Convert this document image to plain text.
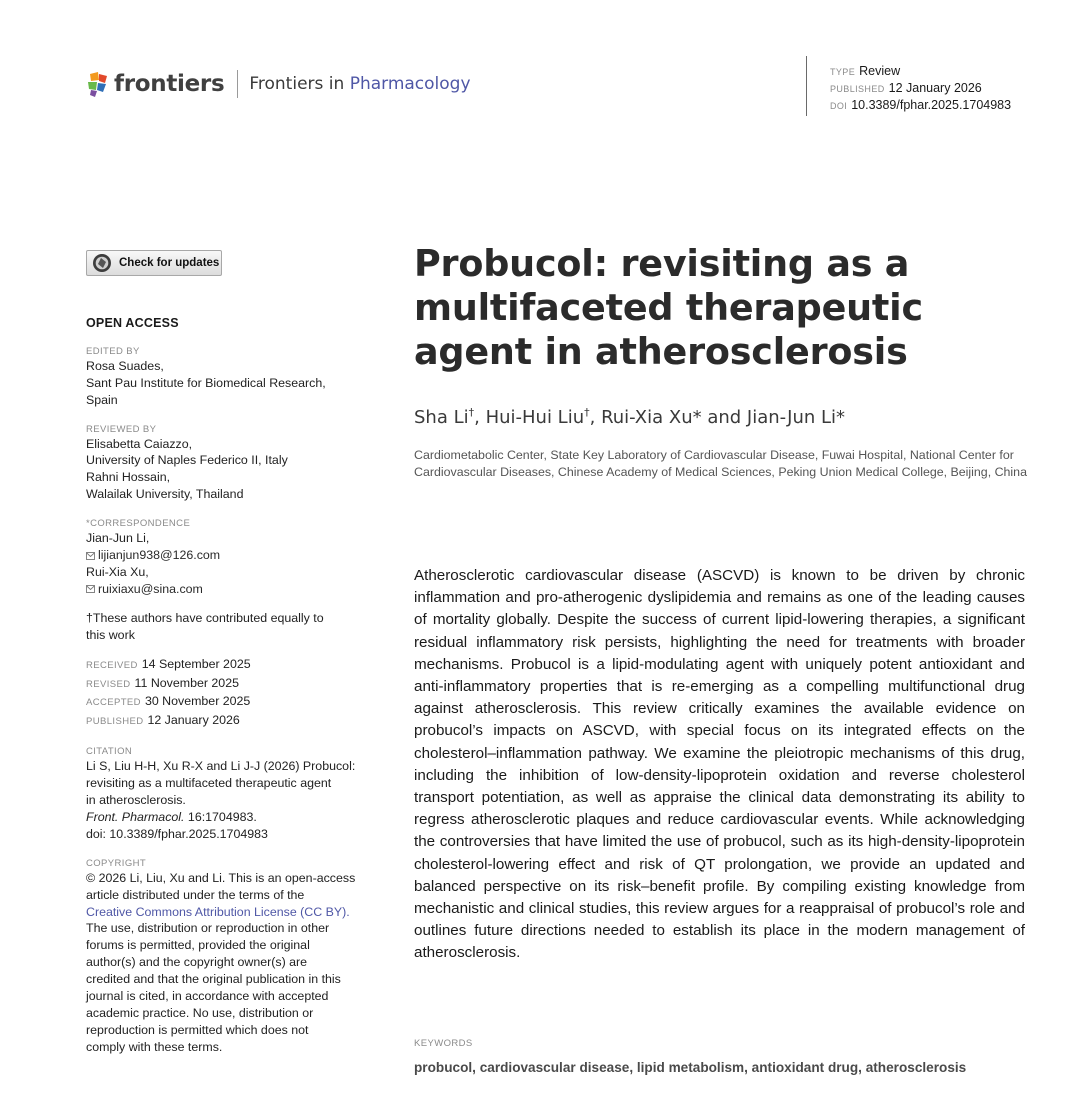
frontiers Frontiers in Pharmacology
TYPE Review
PUBLISHED 12 January 2026
DOI 10.3389/fphar.2025.1704983
Check for updates
OPEN ACCESS
EDITED BY
Rosa Suades,
Sant Pau Institute for Biomedical Research,
Spain
REVIEWED BY
Elisabetta Caiazzo,
University of Naples Federico II, Italy
Rahni Hossain,
Walailak University, Thailand
*CORRESPONDENCE
Jian-Jun Li,
lijianjun938@126.com
Rui-Xia Xu,
ruixiaxu@sina.com
†These authors have contributed equally to
this work
RECEIVED 14 September 2025
REVISED 11 November 2025
ACCEPTED 30 November 2025
PUBLISHED 12 January 2026
CITATION
Li S, Liu H-H, Xu R-X and Li J-J (2026) Probucol:
revisiting as a multifaceted therapeutic agent
in atherosclerosis.
Front. Pharmacol. 16:1704983.
doi: 10.3389/fphar.2025.1704983
COPYRIGHT
© 2026 Li, Liu, Xu and Li. This is an open-access
article distributed under the terms of the
Creative Commons Attribution License (CC BY).
The use, distribution or reproduction in other
forums is permitted, provided the original
author(s) and the copyright owner(s) are
credited and that the original publication in this
journal is cited, in accordance with accepted
academic practice. No use, distribution or
reproduction is permitted which does not
comply with these terms.
Probucol: revisiting as a multifaceted therapeutic agent in atherosclerosis
Sha Li†, Hui-Hui Liu†, Rui-Xia Xu* and Jian-Jun Li*
Cardiometabolic Center, State Key Laboratory of Cardiovascular Disease, Fuwai Hospital, National Center for Cardiovascular Diseases, Chinese Academy of Medical Sciences, Peking Union Medical College, Beijing, China
Atherosclerotic cardiovascular disease (ASCVD) is known to be driven by chronic inflammation and pro-atherogenic dyslipidemia and remains as one of the leading causes of mortality globally. Despite the success of current lipid-lowering therapies, a significant residual inflammatory risk persists, highlighting the need for treatments with broader mechanisms. Probucol is a lipid-modulating agent with uniquely potent antioxidant and anti-inflammatory properties that is re-emerging as a compelling multifunctional drug against atherosclerosis. This review critically examines the available evidence on probucol’s impacts on ASCVD, with special focus on its integrated effects on the cholesterol–inflammation pathway. We examine the pleiotropic mechanisms of this drug, including the inhibition of low-density-lipoprotein oxidation and reverse cholesterol transport potentiation, as well as appraise the clinical data demonstrating its ability to regress atherosclerotic plaques and reduce cardiovascular events. While acknowledging the controversies that have limited the use of probucol, such as its high-density-lipoprotein cholesterol-lowering effect and risk of QT prolongation, we provide an updated and balanced perspective on its risk–benefit profile. By compiling existing knowledge from mechanistic and clinical studies, this review argues for a reappraisal of probucol’s role and outlines future directions needed to establish its place in the modern management of atherosclerosis.
KEYWORDS
probucol, cardiovascular disease, lipid metabolism, antioxidant drug, atherosclerosis
